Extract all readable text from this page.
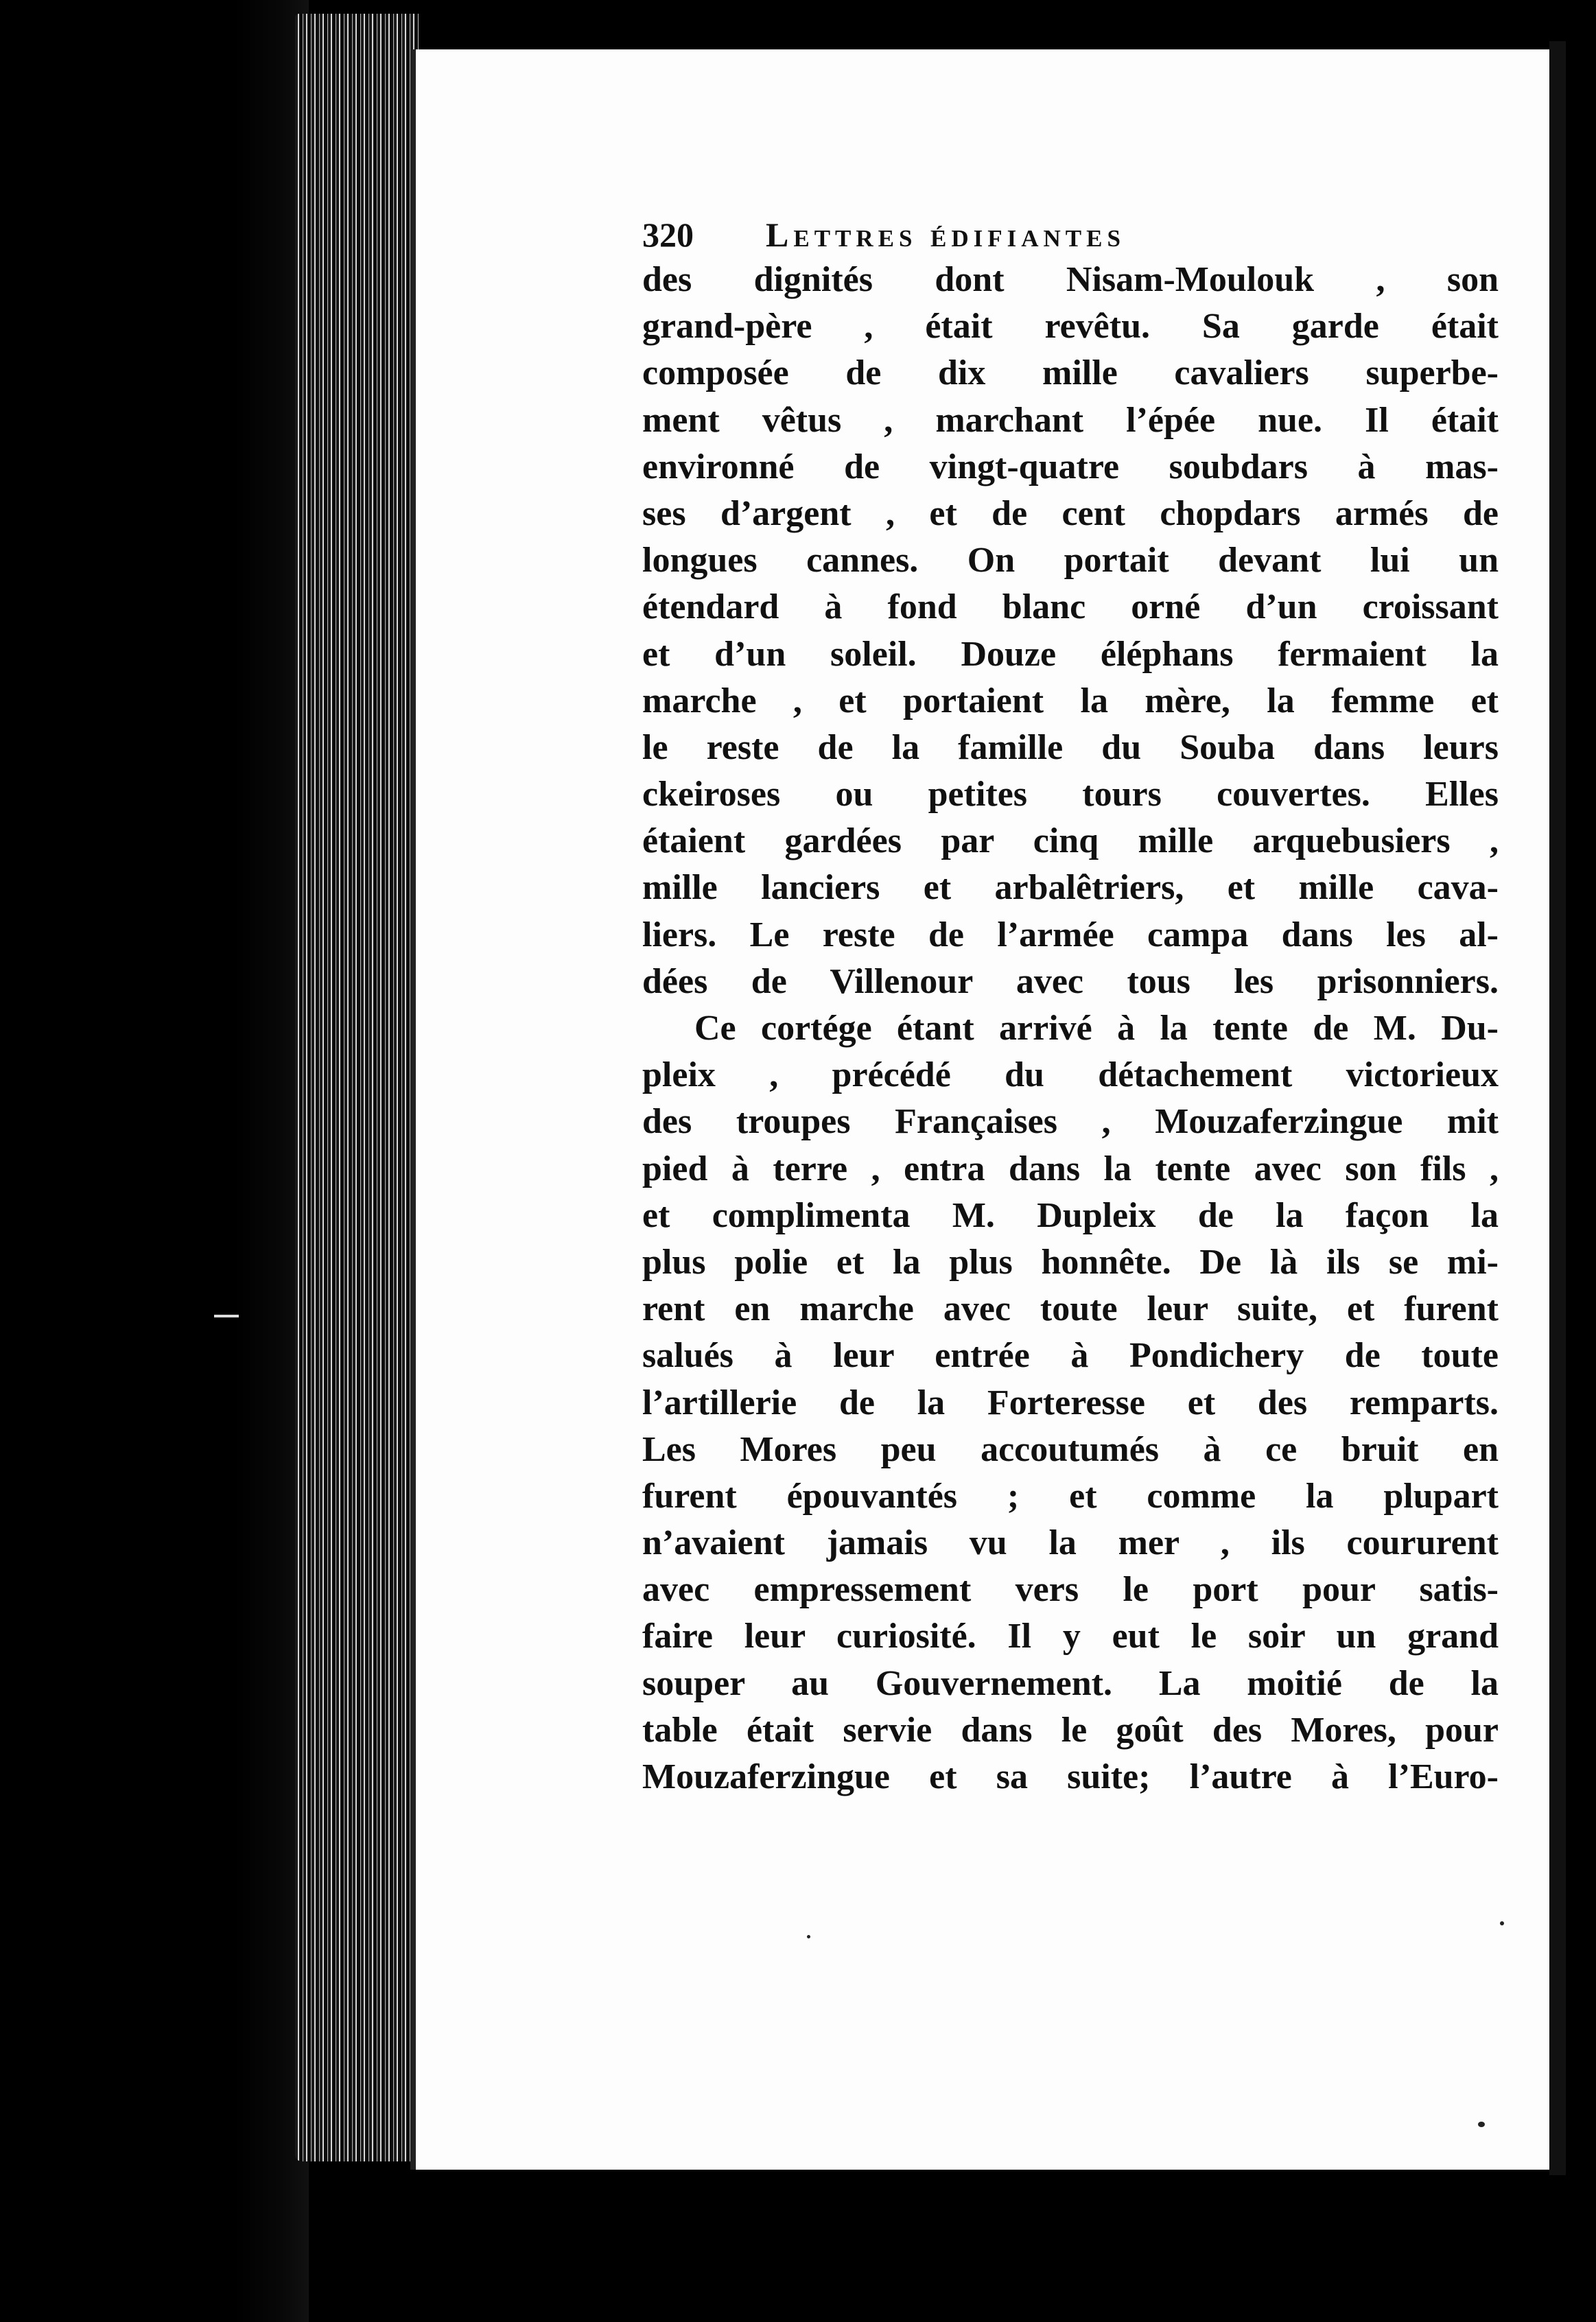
320	Lettres édifiantes
des dignités dont Nisam-Moulouk , son
grand-père , était revêtu. Sa garde était
composée de dix mille cavaliers superbe-
ment vêtus , marchant l’épée nue. Il était
environné de vingt-quatre soubdars à mas-
ses d’argent , et de cent chopdars armés de
longues cannes. On portait devant lui un
étendard à fond blanc orné d’un croissant
et d’un soleil. Douze éléphans fermaient la
marche , et portaient la mère, la femme et
le reste de la famille du Souba dans leurs
ckeiroses ou petites tours couvertes. Elles
étaient gardées par cinq mille arquebusiers ,
mille lanciers et arbalêtriers, et mille cava-
liers. Le reste de l’armée campa dans les al-
dées de Villenour avec tous les prisonniers.
Ce cortége étant arrivé à la tente de M. Du-
pleix , précédé du détachement victorieux
des troupes Françaises , Mouzaferzingue mit
pied à terre , entra dans la tente avec son fils ,
et complimenta M. Dupleix de la façon la
plus polie et la plus honnête. De là ils se mi-
rent en marche avec toute leur suite, et furent
salués à leur entrée à Pondichery de toute
l’artillerie de la Forteresse et des remparts.
Les Mores peu accoutumés à ce bruit en
furent épouvantés ; et comme la plupart
n’avaient jamais vu la mer , ils coururent
avec empressement vers le port pour satis-
faire leur curiosité. Il y eut le soir un grand
souper au Gouvernement. La moitié de la
table était servie dans le goût des Mores, pour
Mouzaferzingue et sa suite; l’autre à l’Euro-
